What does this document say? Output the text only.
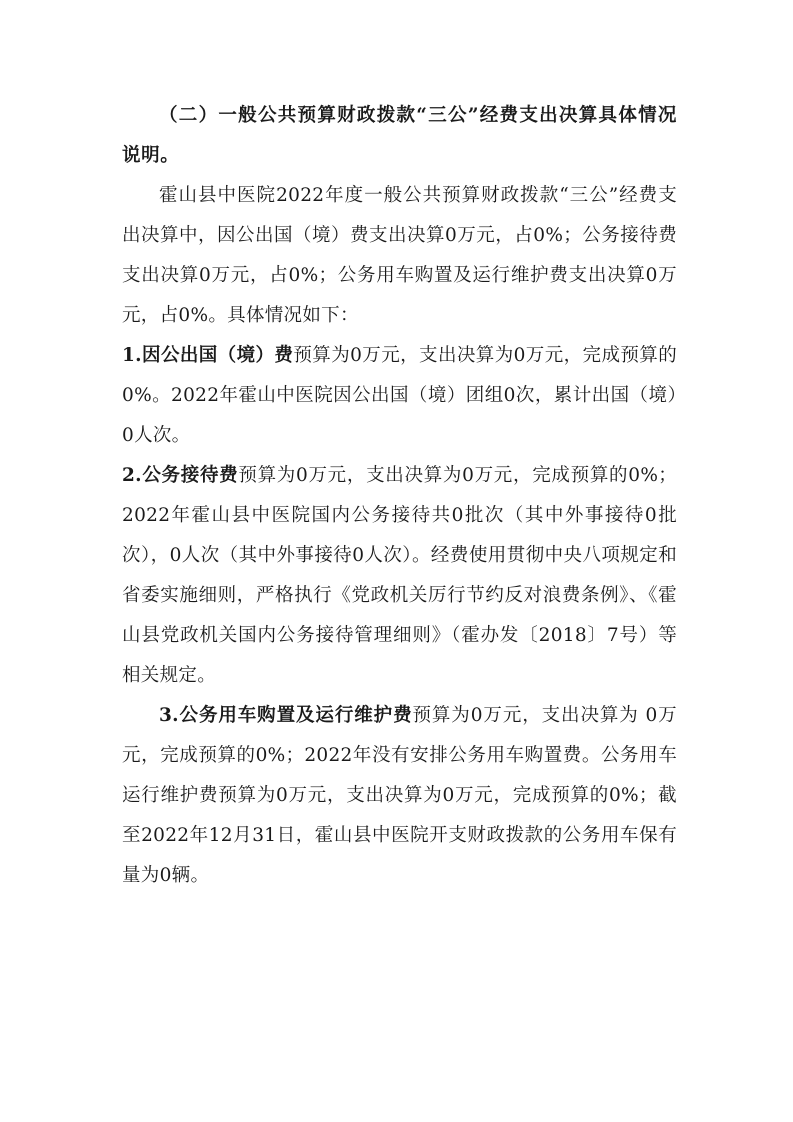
（二）一般公共预算财政拨款“三公”经费支出决算具体情况说明。

霍山县中医院2022年度一般公共预算财政拨款“三公”经费支出决算中，因公出国（境）费支出决算0万元，占0%；公务接待费支出决算0万元，占0%；公务用车购置及运行维护费支出决算0万元，占0%。具体情况如下：

1.因公出国（境）费预算为0万元，支出决算为0万元，完成预算的0%。2022年霍山中医院因公出国（境）团组0次，累计出国（境）0人次。

2.公务接待费预算为0万元，支出决算为0万元，完成预算的0%；2022年霍山县中医院国内公务接待共0批次（其中外事接待0批次），0人次（其中外事接待0人次）。经费使用贯彻中央八项规定和省委实施细则，严格执行《党政机关厉行节约反对浪费条例》、《霍山县党政机关国内公务接待管理细则》（霍办发〔2018〕7号）等相关规定。

3.公务用车购置及运行维护费预算为0万元，支出决算为 0万元，完成预算的0%；2022年没有安排公务用车购置费。公务用车运行维护费预算为0万元，支出决算为0万元，完成预算的0%；截至2022年12月31日，霍山县中医院开支财政拨款的公务用车保有量为0辆。
